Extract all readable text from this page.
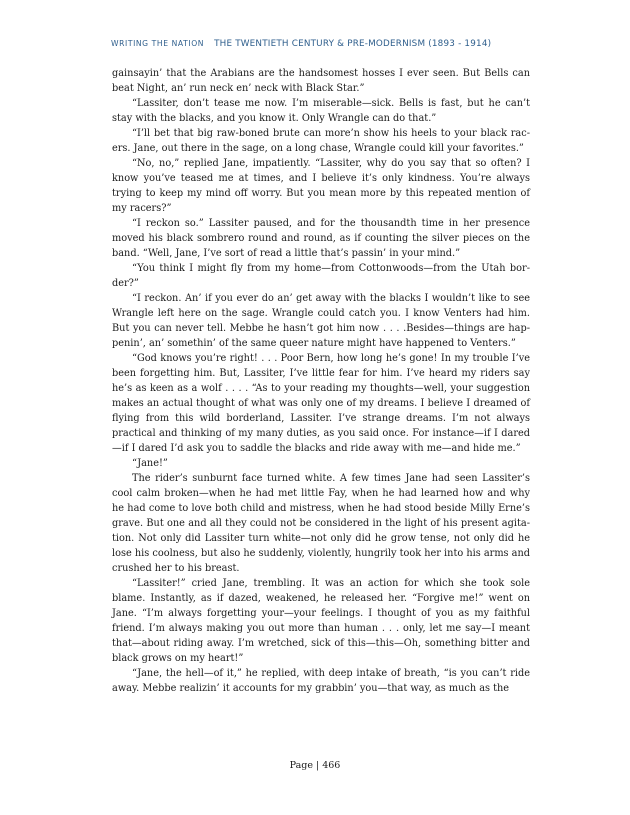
WRITING THE NATION THE TWENTIETH CENTURY & PRE-MODERNISM (1893 - 1914)

gainsayin’ that the Arabians are the handsomest hosses I ever seen. But Bells can beat Night, an’ run neck en’ neck with Black Star.”

“Lassiter, don’t tease me now. I’m miserable—sick. Bells is fast, but he can’t stay with the blacks, and you know it. Only Wrangle can do that.”

“I’ll bet that big raw-boned brute can more’n show his heels to your black racers. Jane, out there in the sage, on a long chase, Wrangle could kill your favorites.”

“No, no,” replied Jane, impatiently. “Lassiter, why do you say that so often? I know you’ve teased me at times, and I believe it’s only kindness. You’re always trying to keep my mind off worry. But you mean more by this repeated mention of my racers?”

“I reckon so.” Lassiter paused, and for the thousandth time in her presence moved his black sombrero round and round, as if counting the silver pieces on the band. “Well, Jane, I’ve sort of read a little that’s passin’ in your mind.”

“You think I might fly from my home—from Cottonwoods—from the Utah border?”

“I reckon. An’ if you ever do an’ get away with the blacks I wouldn’t like to see Wrangle left here on the sage. Wrangle could catch you. I know Venters had him. But you can never tell. Mebbe he hasn’t got him now . . . .Besides—things are happenin’, an’ somethin’ of the same queer nature might have happened to Venters.”

“God knows you’re right! . . . Poor Bern, how long he’s gone! In my trouble I’ve been forgetting him. But, Lassiter, I’ve little fear for him. I’ve heard my riders say he’s as keen as a wolf . . . . “As to your reading my thoughts—well, your suggestion makes an actual thought of what was only one of my dreams. I believe I dreamed of flying from this wild borderland, Lassiter. I’ve strange dreams. I’m not always practical and thinking of my many duties, as you said once. For instance—if I dared—if I dared I’d ask you to saddle the blacks and ride away with me—and hide me.”

“Jane!”

The rider’s sunburnt face turned white. A few times Jane had seen Lassiter’s cool calm broken—when he had met little Fay, when he had learned how and why he had come to love both child and mistress, when he had stood beside Milly Erne’s grave. But one and all they could not be considered in the light of his present agitation. Not only did Lassiter turn white—not only did he grow tense, not only did he lose his coolness, but also he suddenly, violently, hungrily took her into his arms and crushed her to his breast.

“Lassiter!” cried Jane, trembling. It was an action for which she took sole blame. Instantly, as if dazed, weakened, he released her. “Forgive me!” went on Jane. “I’m always forgetting your—your feelings. I thought of you as my faithful friend. I’m always making you out more than human . . . only, let me say—I meant that—about riding away. I’m wretched, sick of this—this—Oh, something bitter and black grows on my heart!”

“Jane, the hell—of it,” he replied, with deep intake of breath, “is you can’t ride away. Mebbe realizin’ it accounts for my grabbin’ you—that way, as much as the

Page | 466
